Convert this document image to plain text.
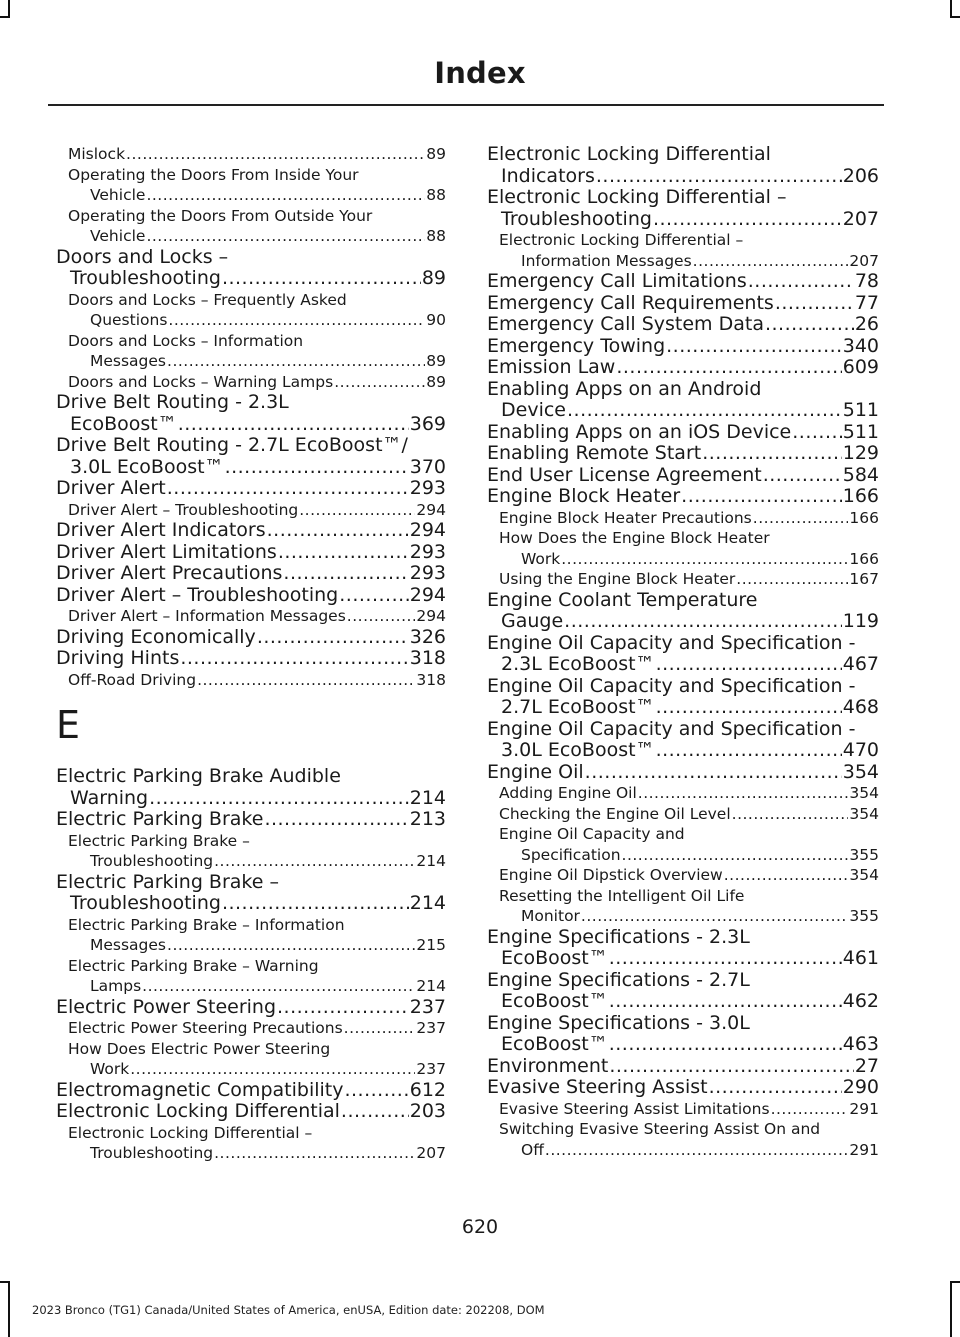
Index
Mislock .....	89
Operating the Doors From Inside Your
Vehicle .....	88
Operating the Doors From Outside Your
Vehicle .....	88
Doors and Locks –
Troubleshooting .....	89
Doors and Locks – Frequently Asked
Questions .....	90
Doors and Locks – Information
Messages .....	89
Doors and Locks – Warning Lamps .....	89
Drive Belt Routing - 2.3L
EcoBoost™ .....	369
Drive Belt Routing - 2.7L EcoBoost™/
3.0L EcoBoost™ .....	370
Driver Alert .....	293
Driver Alert – Troubleshooting .....	294
Driver Alert Indicators .....	294
Driver Alert Limitations .....	293
Driver Alert Precautions .....	293
Driver Alert – Troubleshooting .....	294
Driver Alert – Information Messages .....	294
Driving Economically .....	326
Driving Hints .....	318
Off-Road Driving .....	318
E
Electric Parking Brake Audible
Warning .....	214
Electric Parking Brake .....	213
Electric Parking Brake –
Troubleshooting .....	214
Electric Parking Brake –
Troubleshooting .....	214
Electric Parking Brake – Information
Messages .....	215
Electric Parking Brake – Warning
Lamps .....	214
Electric Power Steering .....	237
Electric Power Steering Precautions .....	237
How Does Electric Power Steering
Work .....	237
Electromagnetic Compatibility .....	612
Electronic Locking Differential .....	203
Electronic Locking Differential –
Troubleshooting .....	207
Electronic Locking Differential
Indicators .....	206
Electronic Locking Differential –
Troubleshooting .....	207
Electronic Locking Differential –
Information Messages .....	207
Emergency Call Limitations .....	78
Emergency Call Requirements .....	77
Emergency Call System Data .....	26
Emergency Towing .....	340
Emission Law .....	609
Enabling Apps on an Android
Device .....	511
Enabling Apps on an iOS Device .....	511
Enabling Remote Start .....	129
End User License Agreement .....	584
Engine Block Heater .....	166
Engine Block Heater Precautions .....	166
How Does the Engine Block Heater
Work .....	166
Using the Engine Block Heater .....	167
Engine Coolant Temperature
Gauge .....	119
Engine Oil Capacity and Specification -
2.3L EcoBoost™ .....	467
Engine Oil Capacity and Specification -
2.7L EcoBoost™ .....	468
Engine Oil Capacity and Specification -
3.0L EcoBoost™ .....	470
Engine Oil .....	354
Adding Engine Oil .....	354
Checking the Engine Oil Level .....	354
Engine Oil Capacity and
Specification .....	355
Engine Oil Dipstick Overview .....	354
Resetting the Intelligent Oil Life
Monitor .....	355
Engine Specifications - 2.3L
EcoBoost™ .....	461
Engine Specifications - 2.7L
EcoBoost™ .....	462
Engine Specifications - 3.0L
EcoBoost™ .....	463
Environment .....	27
Evasive Steering Assist .....	290
Evasive Steering Assist Limitations .....	291
Switching Evasive Steering Assist On and
Off .....	291
620
2023 Bronco (TG1) Canada/United States of America, enUSA, Edition date: 202208, DOM
